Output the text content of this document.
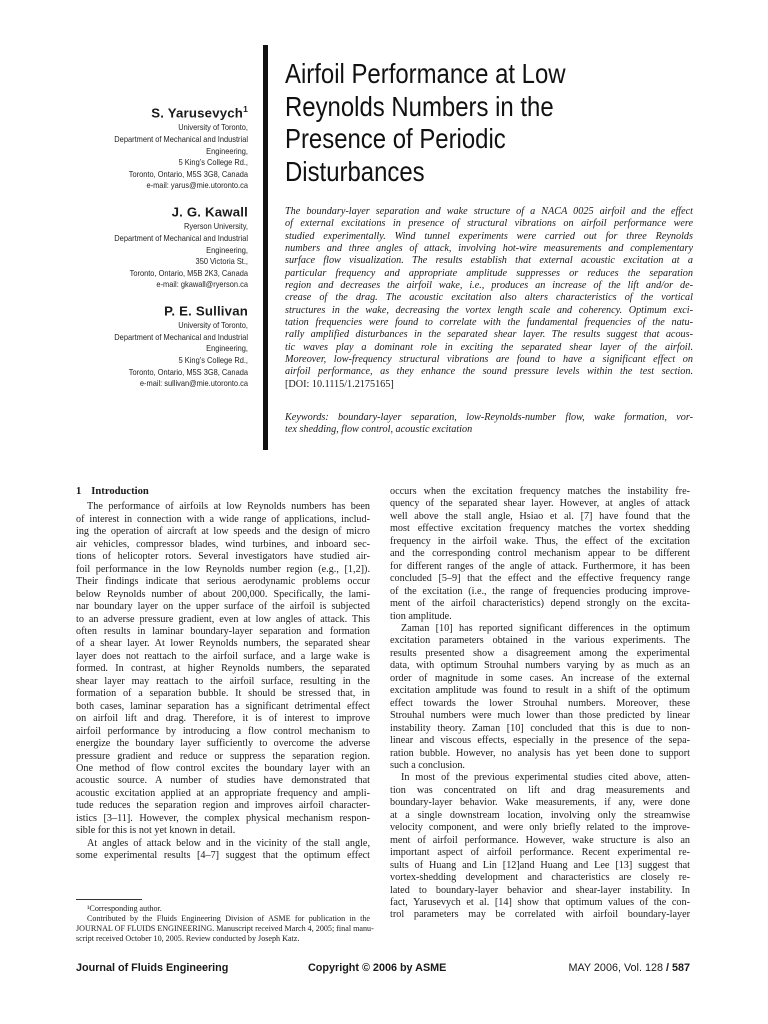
S. Yarusevych$^1$
University of Toronto,
Department of Mechanical and Industrial
Engineering,
5 King’s College Rd.,
Toronto, Ontario, M5S 3G8, Canada
e-mail: yarus@mie.utoronto.ca
J. G. Kawall
Ryerson University,
Department of Mechanical and Industrial
Engineering,
350 Victoria St.,
Toronto, Ontario, M5B 2K3, Canada
e-mail: gkawall@ryerson.ca
P. E. Sullivan
University of Toronto,
Department of Mechanical and Industrial
Engineering,
5 King’s College Rd.,
Toronto, Ontario, M5S 3G8, Canada
e-mail: sullivan@mie.utoronto.ca
Airfoil Performance at Low
Reynolds Numbers in the
Presence of Periodic
Disturbances
The boundary-layer separation and wake structure of a NACA 0025 airfoil and the effect
of external excitations in presence of structural vibrations on airfoil performance were
studied experimentally. Wind tunnel experiments were carried out for three Reynolds
numbers and three angles of attack, involving hot-wire measurements and complementary
surface flow visualization. The results establish that external acoustic excitation at a
particular frequency and appropriate amplitude suppresses or reduces the separation
region and decreases the airfoil wake, i.e., produces an increase of the lift and/or de-
crease of the drag. The acoustic excitation also alters characteristics of the vortical
structures in the wake, decreasing the vortex length scale and coherency. Optimum exci-
tation frequencies were found to correlate with the fundamental frequencies of the natu-
rally amplified disturbances in the separated shear layer. The results suggest that acous-
tic waves play a dominant role in exciting the separated shear layer of the airfoil.
Moreover, low-frequency structural vibrations are found to have a significant effect on
airfoil performance, as they enhance the sound pressure levels within the test section.
[DOI: 10.1115/1.2175165]
Keywords: boundary-layer separation, low-Reynolds-number flow, wake formation, vor-
tex shedding, flow control, acoustic excitation
1 Introduction
The performance of airfoils at low Reynolds numbers has been
of interest in connection with a wide range of applications, includ-
ing the operation of aircraft at low speeds and the design of micro
air vehicles, compressor blades, wind turbines, and inboard sec-
tions of helicopter rotors. Several investigators have studied air-
foil performance in the low Reynolds number region (e.g., [1,2]).
Their findings indicate that serious aerodynamic problems occur
below Reynolds number of about 200,000. Specifically, the lami-
nar boundary layer on the upper surface of the airfoil is subjected
to an adverse pressure gradient, even at low angles of attack. This
often results in laminar boundary-layer separation and formation
of a shear layer. At lower Reynolds numbers, the separated shear
layer does not reattach to the airfoil surface, and a large wake is
formed. In contrast, at higher Reynolds numbers, the separated
shear layer may reattach to the airfoil surface, resulting in the
formation of a separation bubble. It should be stressed that, in
both cases, laminar separation has a significant detrimental effect
on airfoil lift and drag. Therefore, it is of interest to improve
airfoil performance by introducing a flow control mechanism to
energize the boundary layer sufficiently to overcome the adverse
pressure gradient and reduce or suppress the separation region.
One method of flow control excites the boundary layer with an
acoustic source. A number of studies have demonstrated that
acoustic excitation applied at an appropriate frequency and ampli-
tude reduces the separation region and improves airfoil character-
istics [3–11]. However, the complex physical mechanism respon-
sible for this is not yet known in detail.
At angles of attack below and in the vicinity of the stall angle,
some experimental results [4–7] suggest that the optimum effect
occurs when the excitation frequency matches the instability fre-
quency of the separated shear layer. However, at angles of attack
well above the stall angle, Hsiao et al. [7] have found that the
most effective excitation frequency matches the vortex shedding
frequency in the airfoil wake. Thus, the effect of the excitation
and the corresponding control mechanism appear to be different
for different ranges of the angle of attack. Furthermore, it has been
concluded [5–9] that the effect and the effective frequency range
of the excitation (i.e., the range of frequencies producing improve-
ment of the airfoil characteristics) depend strongly on the excita-
tion amplitude.
Zaman [10] has reported significant differences in the optimum
excitation parameters obtained in the various experiments. The
results presented show a disagreement among the experimental
data, with optimum Strouhal numbers varying by as much as an
order of magnitude in some cases. An increase of the external
excitation amplitude was found to result in a shift of the optimum
effect towards the lower Strouhal numbers. Moreover, these
Strouhal numbers were much lower than those predicted by linear
instability theory. Zaman [10] concluded that this is due to non-
linear and viscous effects, especially in the presence of the sepa-
ration bubble. However, no analysis has yet been done to support
such a conclusion.
In most of the previous experimental studies cited above, atten-
tion was concentrated on lift and drag measurements and
boundary-layer behavior. Wake measurements, if any, were done
at a single downstream location, involving only the streamwise
velocity component, and were only briefly related to the improve-
ment of airfoil performance. However, wake structure is also an
important aspect of airfoil performance. Recent experimental re-
sults of Huang and Lin [12]and Huang and Lee [13] suggest that
vortex-shedding development and characteristics are closely re-
lated to boundary-layer behavior and shear-layer instability. In
fact, Yarusevych et al. [14] show that optimum values of the con-
trol parameters may be correlated with airfoil boundary-layer
¹Corresponding author.
Contributed by the Fluids Engineering Division of ASME for publication in the
JOURNAL OF FLUIDS ENGINEERING. Manuscript received March 4, 2005; final manu-
script received October 10, 2005. Review conducted by Joseph Katz.
Journal of Fluids Engineering	Copyright © 2006 by ASME	MAY 2006, Vol. 128 / 587
